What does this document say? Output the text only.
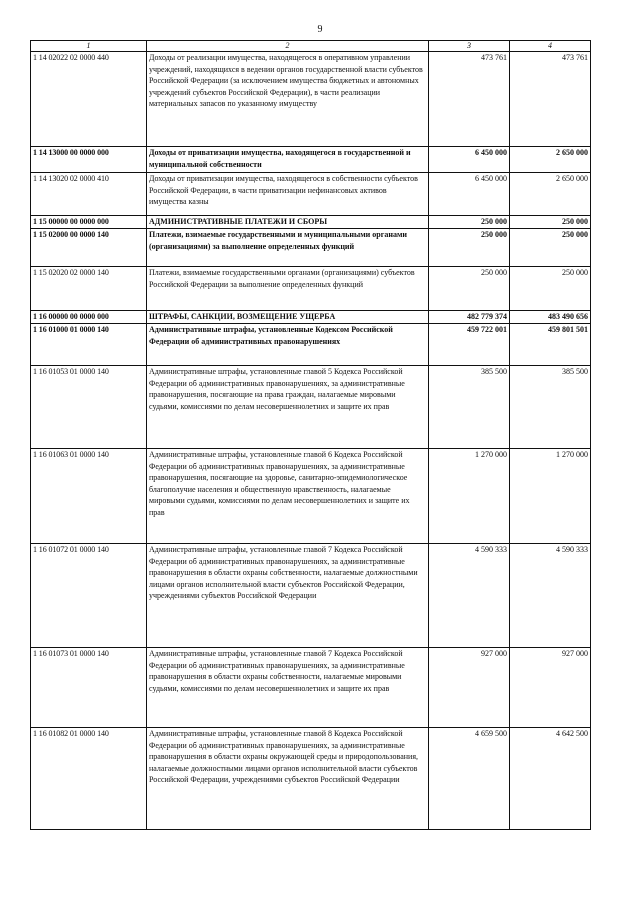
9
1	2	3	4
1 14 02022 02 0000 440	Доходы от реализации имущества, находящегося в оперативном управлении учреждений, находящихся в ведении органов государственной власти субъектов Российской Федерации (за исключением имущества бюджетных и автономных учреждений субъектов Российской Федерации), в части реализации материальных запасов по указанному имуществу	473 761	473 761
1 14 13000 00 0000 000	Доходы от приватизации имущества, находящегося в государственной и муниципальной собственности	6 450 000	2 650 000
1 14 13020 02 0000 410	Доходы от приватизации имущества, находящегося в собственности субъектов Российской Федерации, в части приватизации нефинансовых активов имущества казны	6 450 000	2 650 000
1 15 00000 00 0000 000	АДМИНИСТРАТИВНЫЕ ПЛАТЕЖИ И СБОРЫ	250 000	250 000
1 15 02000 00 0000 140	Платежи, взимаемые государственными и муниципальными органами (организациями) за выполнение определенных функций	250 000	250 000
1 15 02020 02 0000 140	Платежи, взимаемые государственными органами (организациями) субъектов Российской Федерации за выполнение определенных функций	250 000	250 000
1 16 00000 00 0000 000	ШТРАФЫ, САНКЦИИ, ВОЗМЕЩЕНИЕ УЩЕРБА	482 779 374	483 490 656
1 16 01000 01 0000 140	Административные штрафы, установленные Кодексом Российской Федерации об административных правонарушениях	459 722 001	459 801 501
1 16 01053 01 0000 140	Административные штрафы, установленные главой 5 Кодекса Российской Федерации об административных правонарушениях, за административные правонарушения, посягающие на права граждан, налагаемые мировыми судьями, комиссиями по делам несовершеннолетних и защите их прав	385 500	385 500
1 16 01063 01 0000 140	Административные штрафы, установленные главой 6 Кодекса Российской Федерации об административных правонарушениях, за административные правонарушения, посягающие на здоровье, санитарно-эпидемиологическое благополучие населения и общественную нравственность, налагаемые мировыми судьями, комиссиями по делам несовершеннолетних и защите их прав	1 270 000	1 270 000
1 16 01072 01 0000 140	Административные штрафы, установленные главой 7 Кодекса Российской Федерации об административных правонарушениях, за административные правонарушения в области охраны собственности, налагаемые должностными лицами органов исполнительной власти субъектов Российской Федерации, учреждениями субъектов Российской Федерации	4 590 333	4 590 333
1 16 01073 01 0000 140	Административные штрафы, установленные главой 7 Кодекса Российской Федерации об административных правонарушениях, за административные правонарушения в области охраны собственности, налагаемые мировыми судьями, комиссиями по делам несовершеннолетних и защите их прав	927 000	927 000
1 16 01082 01 0000 140	Административные штрафы, установленные главой 8 Кодекса Российской Федерации об административных правонарушениях, за административные правонарушения в области охраны окружающей среды и природопользования, налагаемые должностными лицами органов исполнительной власти субъектов Российской Федерации, учреждениями субъектов Российской Федерации	4 659 500	4 642 500
